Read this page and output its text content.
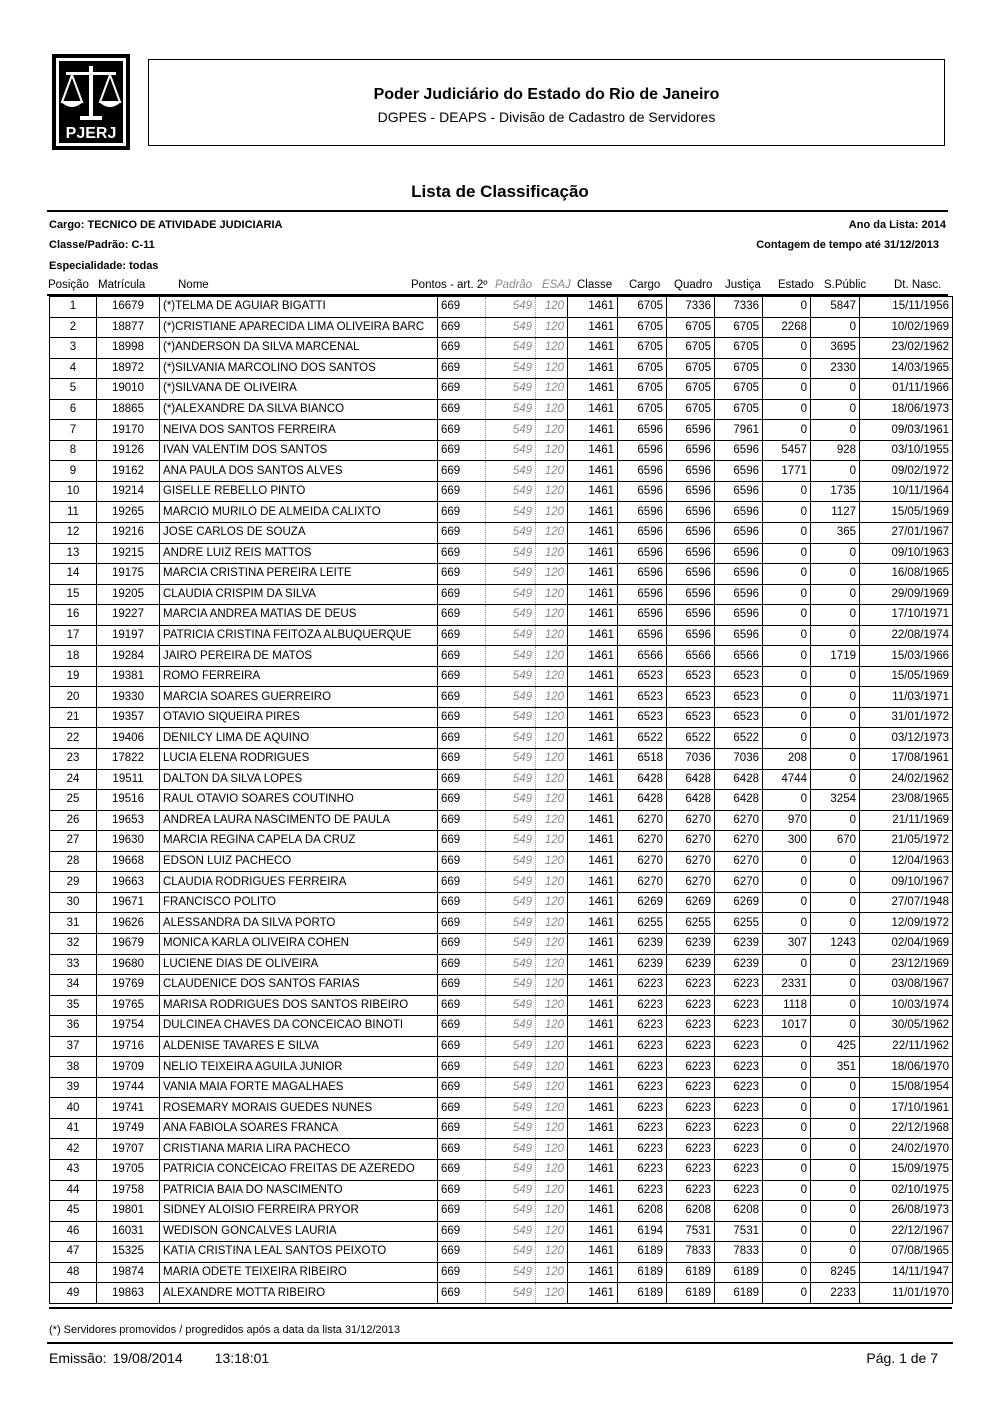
PJERJ
Poder Judiciário do Estado do Rio de Janeiro
DGPES - DEAPS - Divisão de Cadastro de Servidores
Lista de Classificação
Cargo: TECNICO DE ATIVIDADE JUDICIARIA	Ano da Lista: 2014
Classe/Padrão: C-11	Contagem de tempo até 31/12/2013
Especialidade: todas
Posição Matrícula	Nome	Pontos - art. 2º Padrão ESAJ Classe Cargo Quadro Justiça Estado S.Públic Dt. Nasc.
1	16679	(*)TELMA DE AGUIAR BIGATTI	669	549	120	1461	6705	7336	7336	0	5847	15/11/1956
2	18877	(*)CRISTIANE APARECIDA LIMA OLIVEIRA BARC	669	549	120	1461	6705	6705	6705	2268	0	10/02/1969
3	18998	(*)ANDERSON DA SILVA MARCENAL	669	549	120	1461	6705	6705	6705	0	3695	23/02/1962
4	18972	(*)SILVANIA MARCOLINO DOS SANTOS	669	549	120	1461	6705	6705	6705	0	2330	14/03/1965
5	19010	(*)SILVANA DE OLIVEIRA	669	549	120	1461	6705	6705	6705	0	0	01/11/1966
6	18865	(*)ALEXANDRE DA SILVA BIANCO	669	549	120	1461	6705	6705	6705	0	0	18/06/1973
7	19170	NEIVA DOS SANTOS FERREIRA	669	549	120	1461	6596	6596	7961	0	0	09/03/1961
8	19126	IVAN VALENTIM DOS SANTOS	669	549	120	1461	6596	6596	6596	5457	928	03/10/1955
9	19162	ANA PAULA DOS SANTOS ALVES	669	549	120	1461	6596	6596	6596	1771	0	09/02/1972
10	19214	GISELLE REBELLO PINTO	669	549	120	1461	6596	6596	6596	0	1735	10/11/1964
11	19265	MARCIO MURILO DE ALMEIDA CALIXTO	669	549	120	1461	6596	6596	6596	0	1127	15/05/1969
12	19216	JOSE CARLOS DE SOUZA	669	549	120	1461	6596	6596	6596	0	365	27/01/1967
13	19215	ANDRE LUIZ REIS MATTOS	669	549	120	1461	6596	6596	6596	0	0	09/10/1963
14	19175	MARCIA CRISTINA PEREIRA LEITE	669	549	120	1461	6596	6596	6596	0	0	16/08/1965
15	19205	CLAUDIA CRISPIM DA SILVA	669	549	120	1461	6596	6596	6596	0	0	29/09/1969
16	19227	MARCIA ANDREA MATIAS DE DEUS	669	549	120	1461	6596	6596	6596	0	0	17/10/1971
17	19197	PATRICIA CRISTINA FEITOZA ALBUQUERQUE	669	549	120	1461	6596	6596	6596	0	0	22/08/1974
18	19284	JAIRO PEREIRA DE MATOS	669	549	120	1461	6566	6566	6566	0	1719	15/03/1966
19	19381	ROMO FERREIRA	669	549	120	1461	6523	6523	6523	0	0	15/05/1969
20	19330	MARCIA SOARES GUERREIRO	669	549	120	1461	6523	6523	6523	0	0	11/03/1971
21	19357	OTAVIO SIQUEIRA PIRES	669	549	120	1461	6523	6523	6523	0	0	31/01/1972
22	19406	DENILCY LIMA DE AQUINO	669	549	120	1461	6522	6522	6522	0	0	03/12/1973
23	17822	LUCIA ELENA RODRIGUES	669	549	120	1461	6518	7036	7036	208	0	17/08/1961
24	19511	DALTON DA SILVA LOPES	669	549	120	1461	6428	6428	6428	4744	0	24/02/1962
25	19516	RAUL OTAVIO SOARES COUTINHO	669	549	120	1461	6428	6428	6428	0	3254	23/08/1965
26	19653	ANDREA LAURA NASCIMENTO DE PAULA	669	549	120	1461	6270	6270	6270	970	0	21/11/1969
27	19630	MARCIA REGINA CAPELA DA CRUZ	669	549	120	1461	6270	6270	6270	300	670	21/05/1972
28	19668	EDSON LUIZ PACHECO	669	549	120	1461	6270	6270	6270	0	0	12/04/1963
29	19663	CLAUDIA RODRIGUES FERREIRA	669	549	120	1461	6270	6270	6270	0	0	09/10/1967
30	19671	FRANCISCO POLITO	669	549	120	1461	6269	6269	6269	0	0	27/07/1948
31	19626	ALESSANDRA DA SILVA PORTO	669	549	120	1461	6255	6255	6255	0	0	12/09/1972
32	19679	MONICA KARLA OLIVEIRA COHEN	669	549	120	1461	6239	6239	6239	307	1243	02/04/1969
33	19680	LUCIENE DIAS DE OLIVEIRA	669	549	120	1461	6239	6239	6239	0	0	23/12/1969
34	19769	CLAUDENICE DOS SANTOS FARIAS	669	549	120	1461	6223	6223	6223	2331	0	03/08/1967
35	19765	MARISA RODRIGUES DOS SANTOS RIBEIRO	669	549	120	1461	6223	6223	6223	1118	0	10/03/1974
36	19754	DULCINEA CHAVES DA CONCEICAO BINOTI	669	549	120	1461	6223	6223	6223	1017	0	30/05/1962
37	19716	ALDENISE TAVARES E SILVA	669	549	120	1461	6223	6223	6223	0	425	22/11/1962
38	19709	NELIO TEIXEIRA AGUILA JUNIOR	669	549	120	1461	6223	6223	6223	0	351	18/06/1970
39	19744	VANIA MAIA FORTE MAGALHAES	669	549	120	1461	6223	6223	6223	0	0	15/08/1954
40	19741	ROSEMARY MORAIS GUEDES NUNES	669	549	120	1461	6223	6223	6223	0	0	17/10/1961
41	19749	ANA FABIOLA SOARES FRANCA	669	549	120	1461	6223	6223	6223	0	0	22/12/1968
42	19707	CRISTIANA MARIA LIRA PACHECO	669	549	120	1461	6223	6223	6223	0	0	24/02/1970
43	19705	PATRICIA CONCEICAO FREITAS DE AZEREDO	669	549	120	1461	6223	6223	6223	0	0	15/09/1975
44	19758	PATRICIA BAIA DO NASCIMENTO	669	549	120	1461	6223	6223	6223	0	0	02/10/1975
45	19801	SIDNEY ALOISIO FERREIRA PRYOR	669	549	120	1461	6208	6208	6208	0	0	26/08/1973
46	16031	WEDISON GONCALVES LAURIA	669	549	120	1461	6194	7531	7531	0	0	22/12/1967
47	15325	KATIA CRISTINA LEAL SANTOS PEIXOTO	669	549	120	1461	6189	7833	7833	0	0	07/08/1965
48	19874	MARIA ODETE TEIXEIRA RIBEIRO	669	549	120	1461	6189	6189	6189	0	8245	14/11/1947
49	19863	ALEXANDRE MOTTA RIBEIRO	669	549	120	1461	6189	6189	6189	0	2233	11/01/1970
(*) Servidores promovidos / progredidos após a data da lista 31/12/2013
Emissão: 19/08/2014 13:18:01	Pág. 1 de 7
